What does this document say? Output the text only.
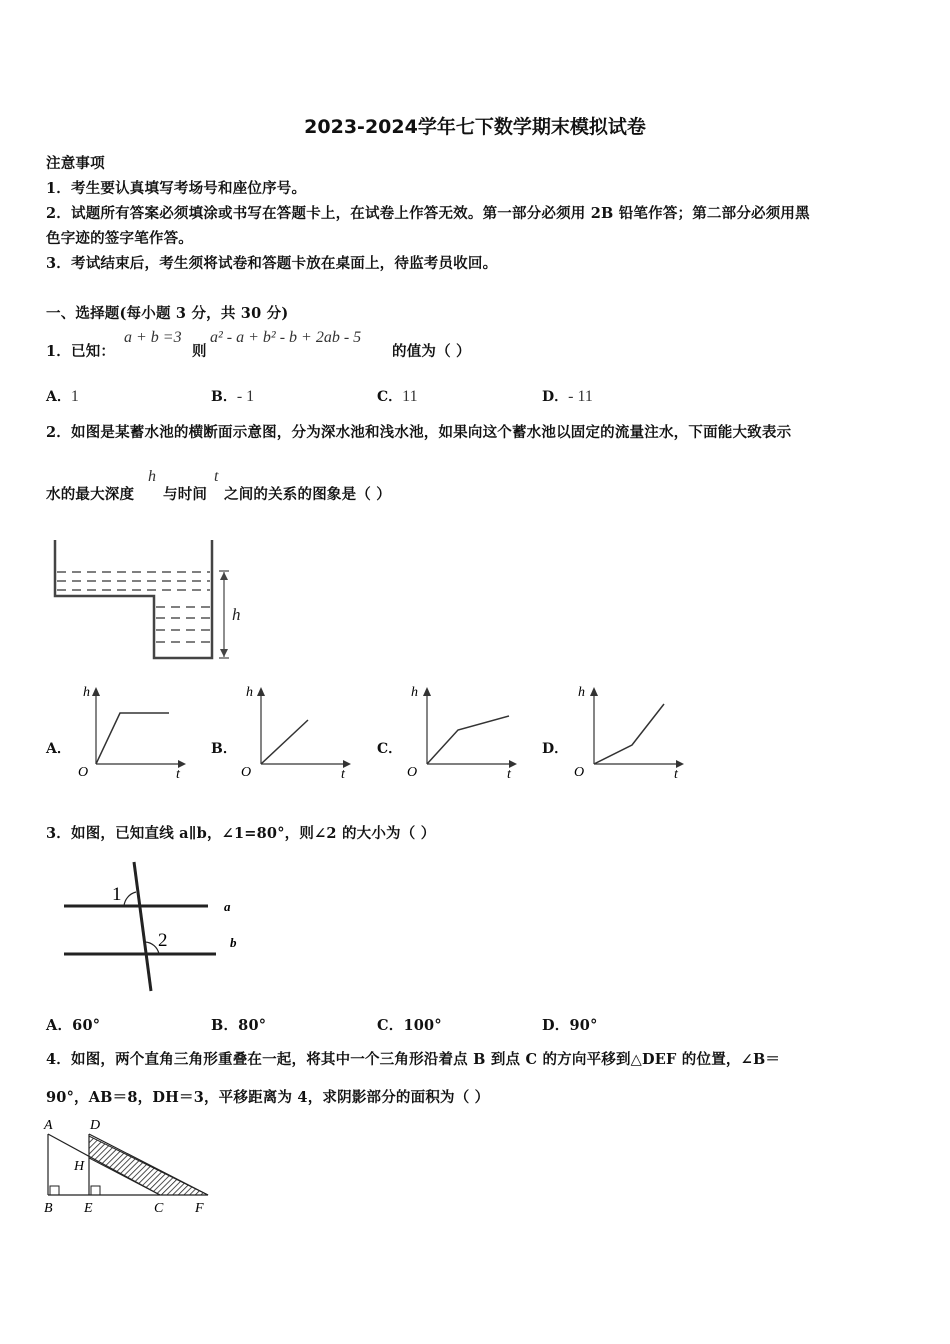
2023-2024学年七下数学期末模拟试卷
注意事项
1．考生要认真填写考场号和座位序号。
2．试题所有答案必须填涂或书写在答题卡上，在试卷上作答无效。第一部分必须用 2B 铅笔作答；第二部分必须用黑
色字迹的签字笔作答。
3．考试结束后，考生须将试卷和答题卡放在桌面上，待监考员收回。
一、选择题(每小题 3 分，共 30 分)
1．已知：
a + b =3
则
a² - a + b² - b + 2ab - 5
的值为（ ）
A．1	B．- 1	C．11	D．- 11
2．如图是某蓄水池的横断面示意图，分为深水池和浅水池，如果向这个蓄水池以固定的流量注水，下面能大致表示
水的最大深度
h
与时间
t
之间的关系的图象是（ ）
h
A．	B．	C．	D．
h
t
O
h
t
O
h
t
O
h
t
O
3．如图，已知直线 a∥b，∠1=80°，则∠2 的大小为（ ）
1
2
a
b
A．60°	B．80°	C．100°	D．90°
4．如图，两个直角三角形重叠在一起，将其中一个三角形沿着点 B 到点 C 的方向平移到△DEF 的位置，∠B＝
90°，AB＝8，DH＝3，平移距离为 4，求阴影部分的面积为（ ）
A	D
H
B E	C F
